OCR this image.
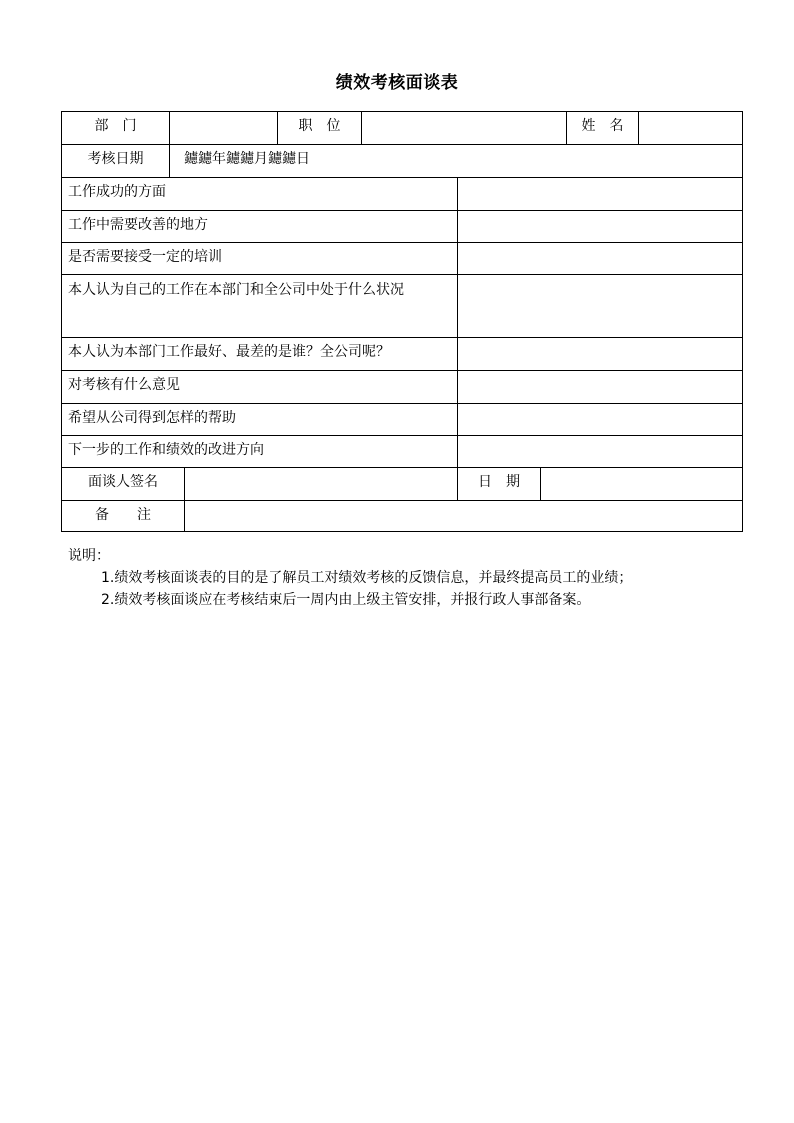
绩效考核面谈表
部　门			职　位				姓　名	
考核日期	鑢鑢年鑢鑢月鑢鑢日							
工作成功的方面								
工作中需要改善的地方								
是否需要接受一定的培训								
本人认为自己的工作在本部门和全公司中处于什么状况								
本人认为本部门工作最好、最差的是谁？全公司呢？								
对考核有什么意见								
希望从公司得到怎样的帮助								
下一步的工作和绩效的改进方向								
面谈人签名					日　期			
备　　注								
说明：
1.绩效考核面谈表的目的是了解员工对绩效考核的反馈信息，并最终提高员工的业绩；
2.绩效考核面谈应在考核结束后一周内由上级主管安排，并报行政人事部备案。
